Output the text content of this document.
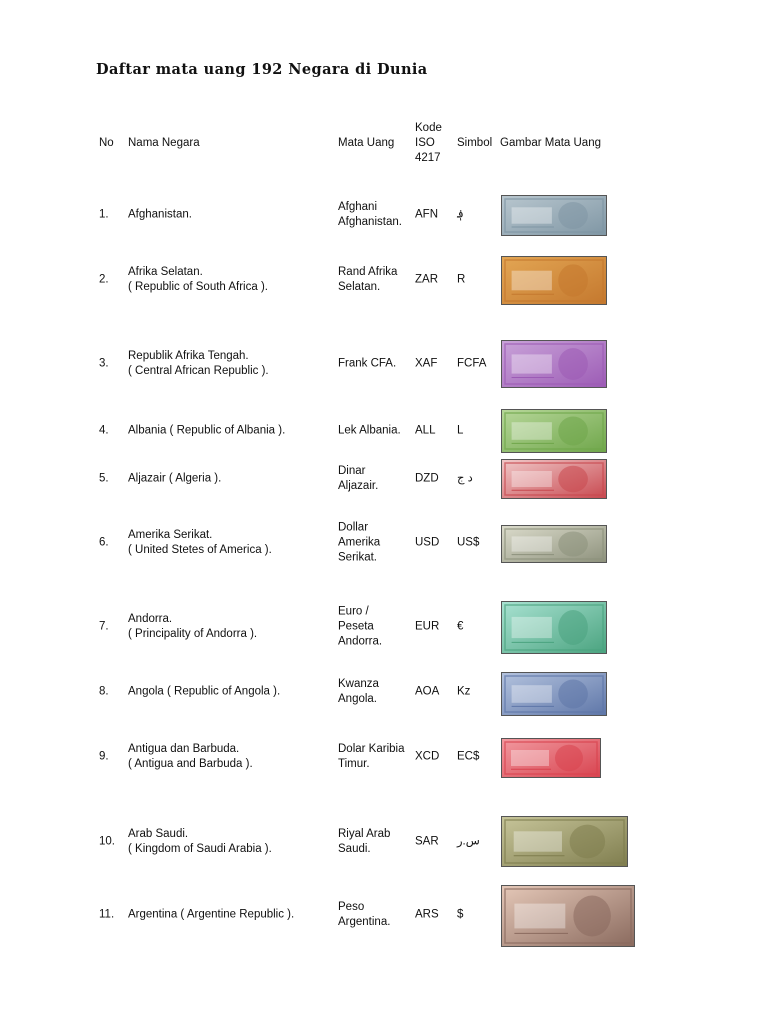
Daftar mata uang 192 Negara di Dunia
No Nama Negara	Mata Uang
Kode
ISO
4217
Simbol Gambar Mata Uang
1. Afghanistan.
Afghani
Afghanistan.
AFN ؋
2.
Afrika Selatan.
( Republic of South Africa ).
Rand Afrika
Selatan.
ZAR R
3.
Republik Afrika Tengah.
( Central African Republic ).
Frank CFA. XAF FCFA
4. Albania ( Republic of Albania ).	Lek Albania. ALL L
5. Aljazair ( Algeria ).
Dinar
Aljazair.
DZD د ج
6.
Amerika Serikat.
( United Stetes of America ).
Dollar
Amerika
Serikat.
USD US$
7.
Andorra.
( Principality of Andorra ).
Euro /
Peseta
Andorra.
EUR €
8. Angola ( Republic of Angola ).
Kwanza
Angola.
AOA Kz
9.
Antigua dan Barbuda.
( Antigua and Barbuda ).
Dolar Karibia
Timur.
XCD EC$
10.
Arab Saudi.
( Kingdom of Saudi Arabia ).
Riyal Arab
Saudi.
SAR س.ر
11. Argentina ( Argentine Republic ).
Peso
Argentina.
ARS $
